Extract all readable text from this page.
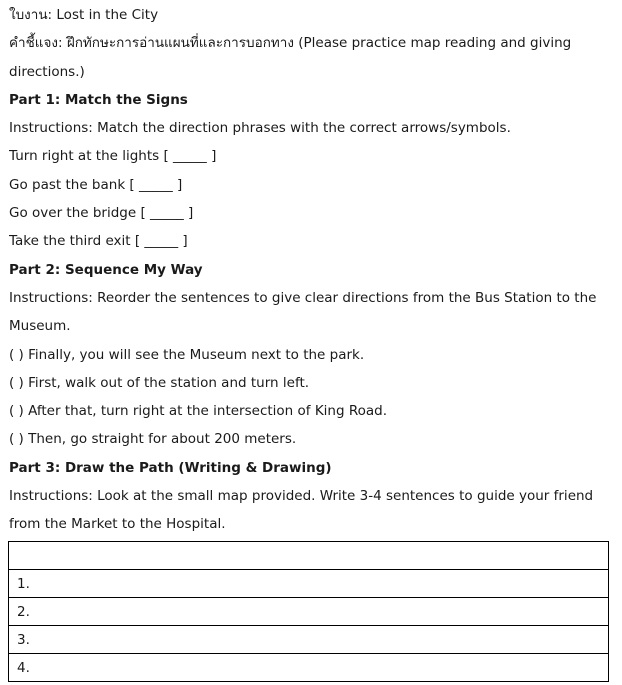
ใบงาน: Lost in the City
คำชี้แจง: ฝึกทักษะการอ่านแผนที่และการบอกทาง (Please practice map reading and giving directions.)
Part 1: Match the Signs
Instructions: Match the direction phrases with the correct arrows/symbols.
Turn right at the lights [ _____ ]
Go past the bank [ _____ ]
Go over the bridge [ _____ ]
Take the third exit [ _____ ]
Part 2: Sequence My Way
Instructions: Reorder the sentences to give clear directions from the Bus Station to the Museum.
( ) Finally, you will see the Museum next to the park.
( ) First, walk out of the station and turn left.
( ) After that, turn right at the intersection of King Road.
( ) Then, go straight for about 200 meters.
Part 3: Draw the Path (Writing & Drawing)
Instructions: Look at the small map provided. Write 3-4 sentences to guide your friend from the Market to the Hospital.

1.
2.
3.
4.
